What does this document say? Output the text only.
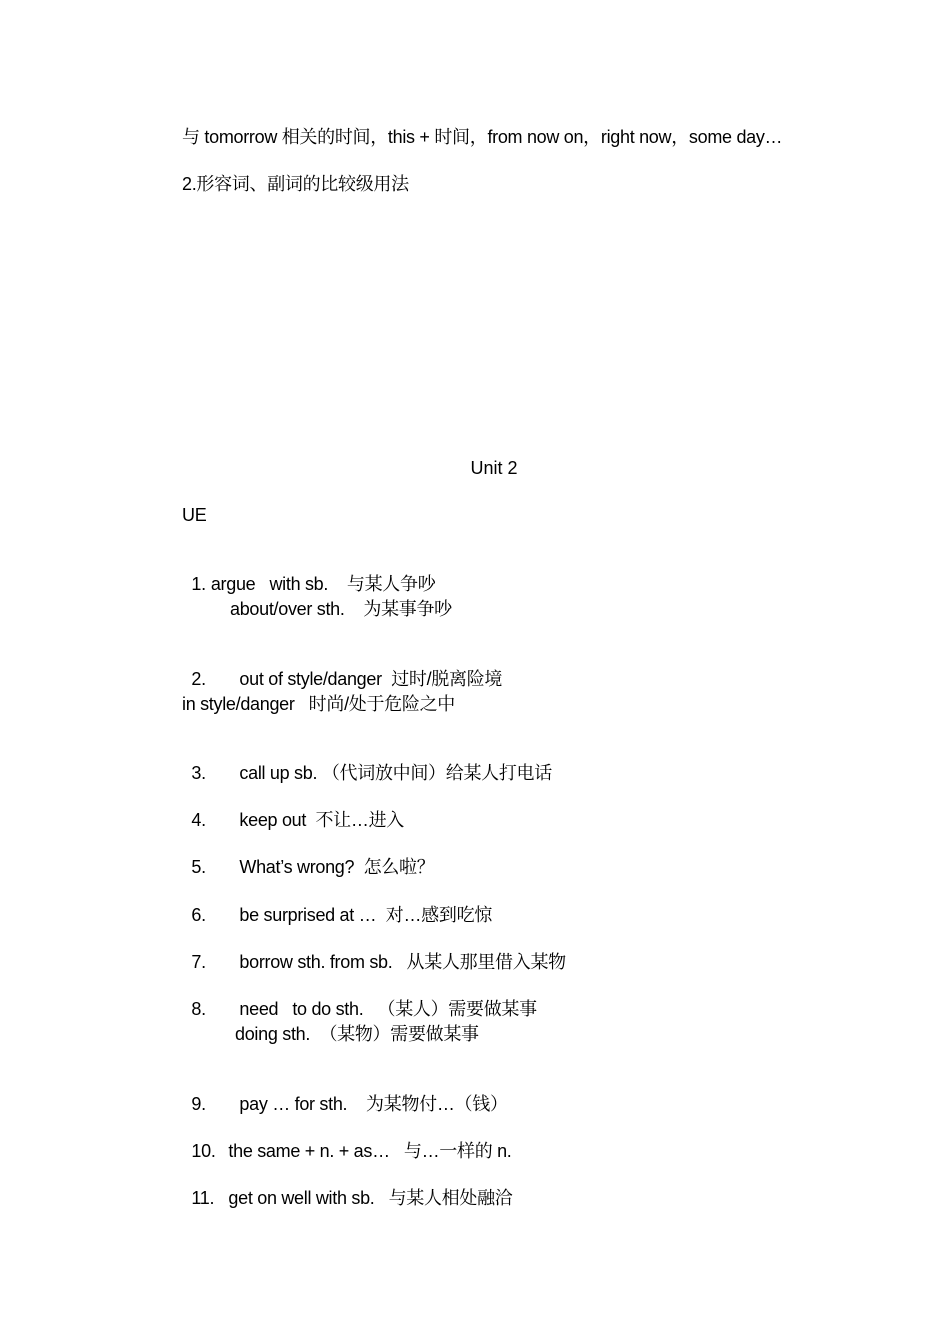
与 tomorrow 相关的时间，this + 时间，from now on，right now，some day…
2.形容词、副词的比较级用法
Unit 2
UE

1. argue   with sb.    与某人争吵

about/over sth.    为某事争吵

2. out of style/danger  过时/脱离险境

in style/danger   时尚/处于危险之中

3. call up sb. （代词放中间）给某人打电话

4. keep out  不让…进入

5. What’s wrong?  怎么啦？

6. be surprised at …  对…感到吃惊

7. borrow sth. from sb.   从某人那里借入某物

8. need   to do sth.   （某人）需要做某事

doing sth.  （某物）需要做某事

9. pay … for sth.    为某物付…（钱）

10. the same + n. + as…   与…一样的 n.

11. get on well with sb.   与某人相处融洽
